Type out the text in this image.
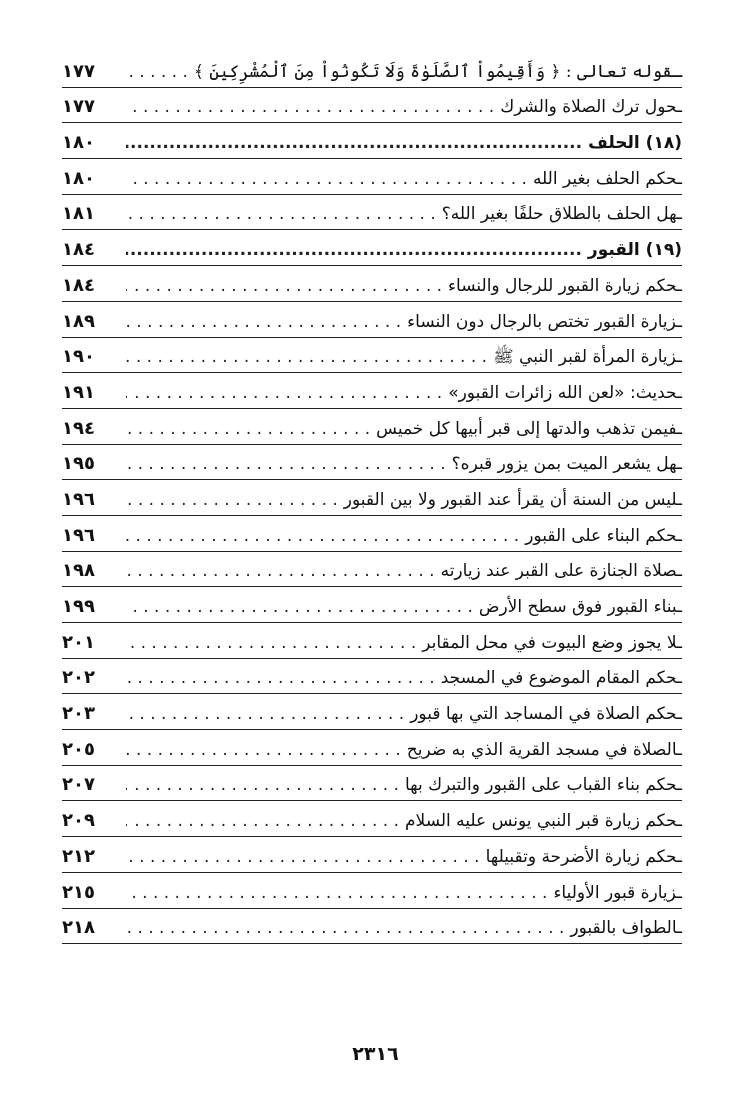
ـقوله تعالى : ﴿ وَأَقِيمُواْ ٱلصَّلَوٰةَ وَلَا تَكُونُواْ مِنَ ٱلْمُشْرِكِينَ ﴾
. . .
١٧٧
ـحول ترك الصلاة والشرك
. . .
١٧٧
(١٨) الحلف
.....
١٨٠
ـحكم الحلف بغير الله
. . .
١٨٠
ـهل الحلف بالطلاق حلفًا بغير الله؟
. . .
١٨١
(١٩) القبور
.....
١٨٤
ـحكم زيارة القبور للرجال والنساء
. . .
١٨٤
ـزيارة القبور تختص بالرجال دون النساء
. . .
١٨٩
ـزيارة المرأة لقبر النبي ﷺ
. . .
١٩٠
ـحديث: «لعن الله زائرات القبور»
. . .
١٩١
ـفيمن تذهب والدتها إلى قبر أبيها كل خميس
. . .
١٩٤
ـهل يشعر الميت بمن يزور قبره؟
. . .
١٩٥
ـليس من السنة أن يقرأ عند القبور ولا بين القبور
. . .
١٩٦
ـحكم البناء على القبور
. . .
١٩٦
ـصلاة الجنازة على القبر عند زيارته
. . .
١٩٨
ـبناء القبور فوق سطح الأرض
. . .
١٩٩
ـلا يجوز وضع البيوت في محل المقابر
. . .
٢٠١
ـحكم المقام الموضوع في المسجد
. . .
٢٠٢
ـحكم الصلاة في المساجد التي بها قبور
. . .
٢٠٣
ـالصلاة في مسجد القرية الذي به ضريح
. . .
٢٠٥
ـحكم بناء القباب على القبور والتبرك بها
. . .
٢٠٧
ـحكم زيارة قبر النبي يونس عليه السلام
. . .
٢٠٩
ـحكم زيارة الأضرحة وتقبيلها
. . .
٢١٢
ـزيارة قبور الأولياء
. . .
٢١٥
ـالطواف بالقبور
. . .
٢١٨
٢٣١٦
